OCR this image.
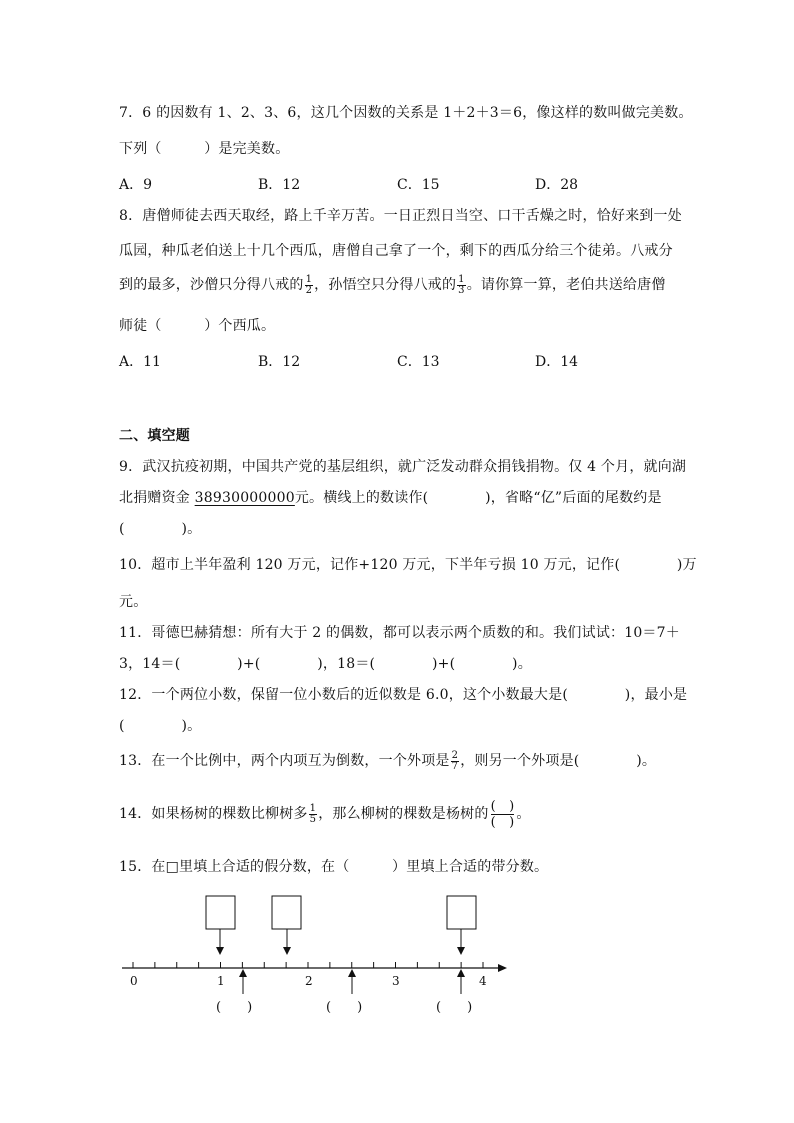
7．6 的因数有 1、2、3、6，这几个因数的关系是 1＋2＋3＝6，像这样的数叫做完美数。
下列（　　　）是完美数。
A．9	B．12	C．15	D．28
8．唐僧师徒去西天取经，路上千辛万苦。一日正烈日当空、口干舌燥之时，恰好来到一处
瓜园，种瓜老伯送上十几个西瓜，唐僧自己拿了一个，剩下的西瓜分给三个徒弟。八戒分
到的最多，沙僧只分得八戒的 $\frac{1}{2}$ ，孙悟空只分得八戒的 $\frac{1}{3}$ 。请你算一算，老伯共送给唐僧
师徒（　　　）个西瓜。
A．11	B．12	C．13	D．14
二、填空题
9．武汉抗疫初期，中国共产党的基层组织，就广泛发动群众捐钱捐物。仅 4 个月，就向湖
北捐赠资金 38930000000元。横线上的数读作(　　　　)，省略“亿”后面的尾数约是
(　　　　)。
10．超市上半年盈利 120 万元，记作+120 万元，下半年亏损 10 万元，记作(　　　　)万
元。
11．哥德巴赫猜想：所有大于 2 的偶数，都可以表示两个质数的和。我们试试：10＝7＋
3，14＝(　　　　)+(　　　　)，18＝(　　　　)+(　　　　)。
12．一个两位小数，保留一位小数后的近似数是 6.0，这个小数最大是(　　　　)，最小是
(　　　　)。
13．在一个比例中，两个内项互为倒数，一个外项是 $\frac{2}{7}$ ，则另一个外项是(　　　　)。
14．如果杨树的棵数比柳树多 $\frac{1}{5}$ ，那么柳树的棵数是杨树的 (　)
(　) 。
15．在□里填上合适的假分数，在（　　　）里填上合适的带分数。
0	1	2	3	4
(　　)	(　　)	(　　)
